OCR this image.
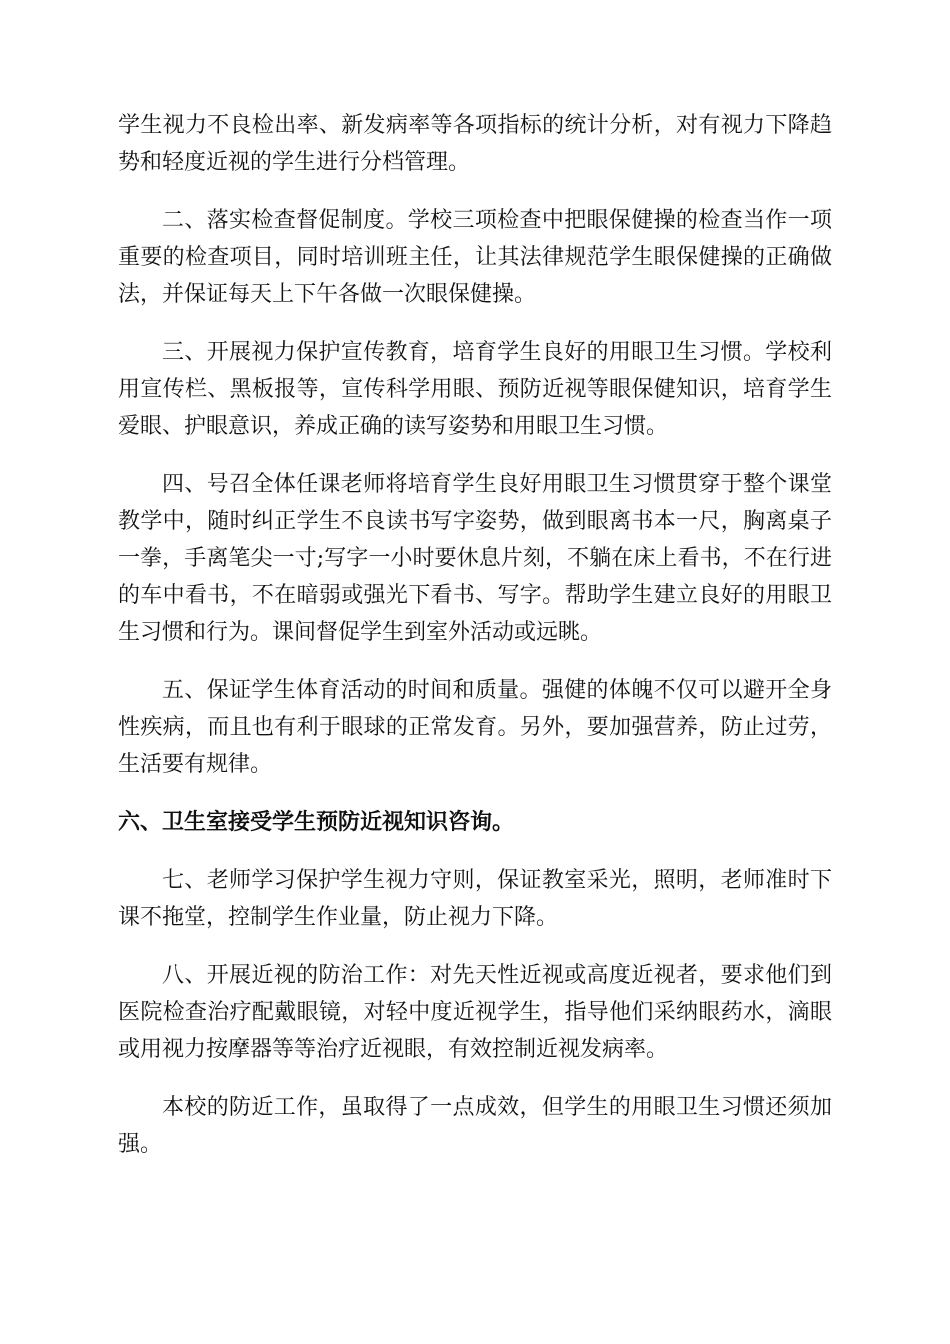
学生视力不良检出率、新发病率等各项指标的统计分析，对有视力下降趋势和轻度近视的学生进行分档管理。

二、落实检查督促制度。学校三项检查中把眼保健操的检查当作一项重要的检查项目，同时培训班主任，让其法律规范学生眼保健操的正确做法，并保证每天上下午各做一次眼保健操。

三、开展视力保护宣传教育，培育学生良好的用眼卫生习惯。学校利用宣传栏、黑板报等，宣传科学用眼、预防近视等眼保健知识，培育学生爱眼、护眼意识，养成正确的读写姿势和用眼卫生习惯。

四、号召全体任课老师将培育学生良好用眼卫生习惯贯穿于整个课堂教学中，随时纠正学生不良读书写字姿势，做到眼离书本一尺，胸离桌子一拳，手离笔尖一寸;写字一小时要休息片刻，不躺在床上看书，不在行进的车中看书，不在暗弱或强光下看书、写字。帮助学生建立良好的用眼卫生习惯和行为。课间督促学生到室外活动或远眺。

五、保证学生体育活动的时间和质量。强健的体魄不仅可以避开全身性疾病，而且也有利于眼球的正常发育。另外，要加强营养，防止过劳，生活要有规律。

六、卫生室接受学生预防近视知识咨询。

七、老师学习保护学生视力守则，保证教室采光，照明，老师准时下课不拖堂，控制学生作业量，防止视力下降。

八、开展近视的防治工作：对先天性近视或高度近视者，要求他们到医院检查治疗配戴眼镜，对轻中度近视学生，指导他们采纳眼药水，滴眼或用视力按摩器等等治疗近视眼，有效控制近视发病率。

本校的防近工作，虽取得了一点成效，但学生的用眼卫生习惯还须加强。
